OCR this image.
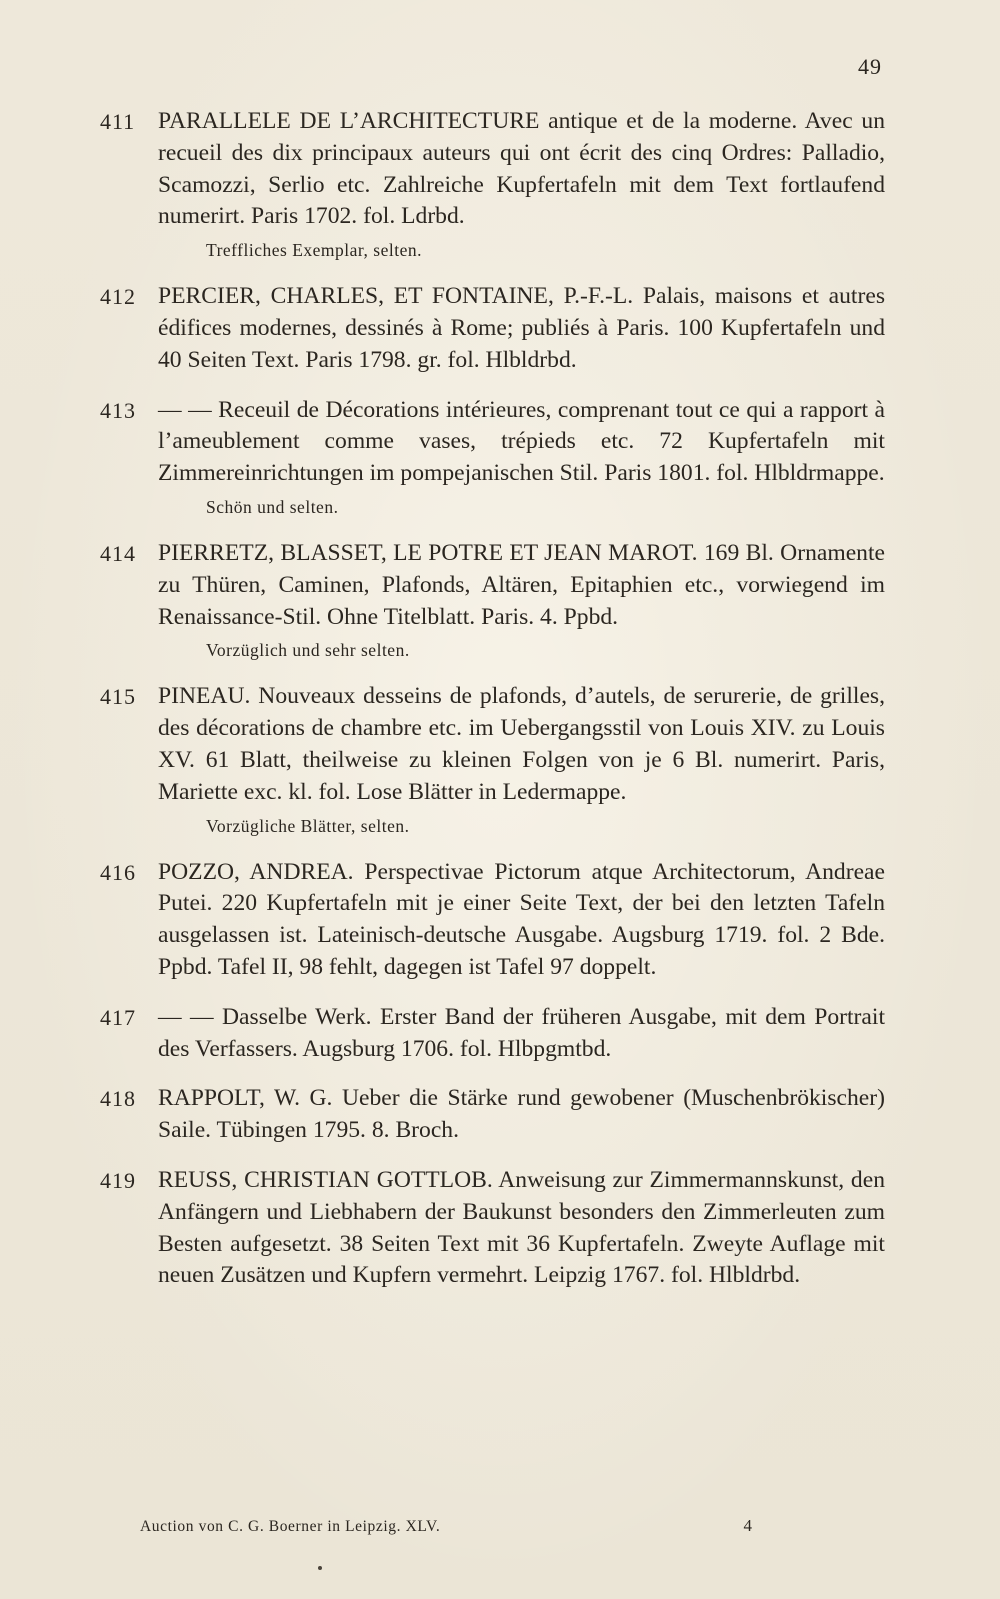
49
411 PARALLELE DE L’ARCHITECTURE antique et de la moderne. Avec un recueil des dix principaux auteurs qui ont écrit des cinq Ordres: Palladio, Scamozzi, Serlio etc. Zahlreiche Kupfertafeln mit dem Text fortlaufend numerirt. Paris 1702. fol. Ldrbd.
Treffliches Exemplar, selten.
412 PERCIER, CHARLES, ET FONTAINE, P.-F.-L. Palais, maisons et autres édifices modernes, dessinés à Rome; publiés à Paris. 100 Kupfertafeln und 40 Seiten Text. Paris 1798. gr. fol. Hlbldrbd.
413 — — Receuil de Décorations intérieures, comprenant tout ce qui a rapport à l’ameublement comme vases, trépieds etc. 72 Kupfertafeln mit Zimmereinrichtungen im pompejanischen Stil. Paris 1801. fol. Hlbldrmappe.
Schön und selten.
414 PIERRETZ, BLASSET, LE POTRE ET JEAN MAROT. 169 Bl. Ornamente zu Thüren, Caminen, Plafonds, Altären, Epitaphien etc., vorwiegend im Renaissance-Stil. Ohne Titelblatt. Paris. 4. Ppbd.
Vorzüglich und sehr selten.
415 PINEAU. Nouveaux desseins de plafonds, d’autels, de serurerie, de grilles, des décorations de chambre etc. im Uebergangsstil von Louis XIV. zu Louis XV. 61 Blatt, theilweise zu kleinen Folgen von je 6 Bl. numerirt. Paris, Mariette exc. kl. fol. Lose Blätter in Ledermappe.
Vorzügliche Blätter, selten.
416 POZZO, ANDREA. Perspectivae Pictorum atque Architectorum, Andreae Putei. 220 Kupfertafeln mit je einer Seite Text, der bei den letzten Tafeln ausgelassen ist. Lateinisch-deutsche Ausgabe. Augsburg 1719. fol. 2 Bde. Ppbd. Tafel II, 98 fehlt, dagegen ist Tafel 97 doppelt.
417 — — Dasselbe Werk. Erster Band der früheren Ausgabe, mit dem Portrait des Verfassers. Augsburg 1706. fol. Hlbpgmtbd.
418 RAPPOLT, W. G. Ueber die Stärke rund gewobener (Muschenbrökischer) Saile. Tübingen 1795. 8. Broch.
419 REUSS, CHRISTIAN GOTTLOB. Anweisung zur Zimmermannskunst, den Anfängern und Liebhabern der Baukunst besonders den Zimmerleuten zum Besten aufgesetzt. 38 Seiten Text mit 36 Kupfertafeln. Zweyte Auflage mit neuen Zusätzen und Kupfern vermehrt. Leipzig 1767. fol. Hlbldrbd.
Auction von C. G. Boerner in Leipzig. XLV.	4
